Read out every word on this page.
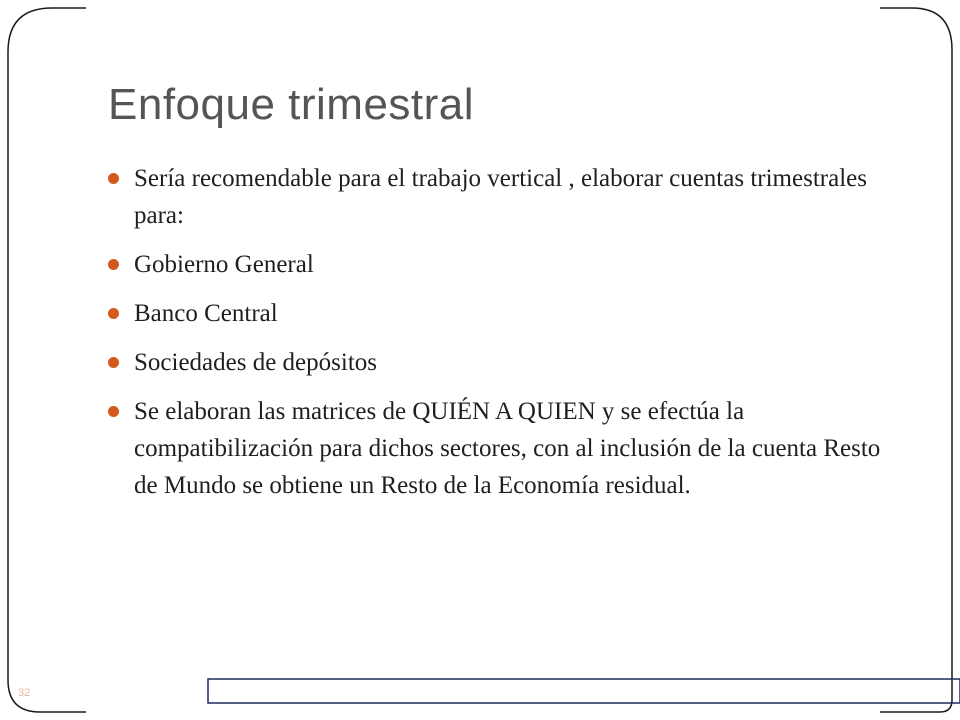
Enfoque trimestral
Sería recomendable para el trabajo vertical , elaborar cuentas trimestrales para:
Gobierno General
Banco Central
Sociedades de depósitos
Se elaboran las matrices de QUIÉN A QUIEN y se efectúa la compatibilización para dichos sectores, con al inclusión de la cuenta Resto de Mundo se obtiene un Resto de la Economía residual.
32
